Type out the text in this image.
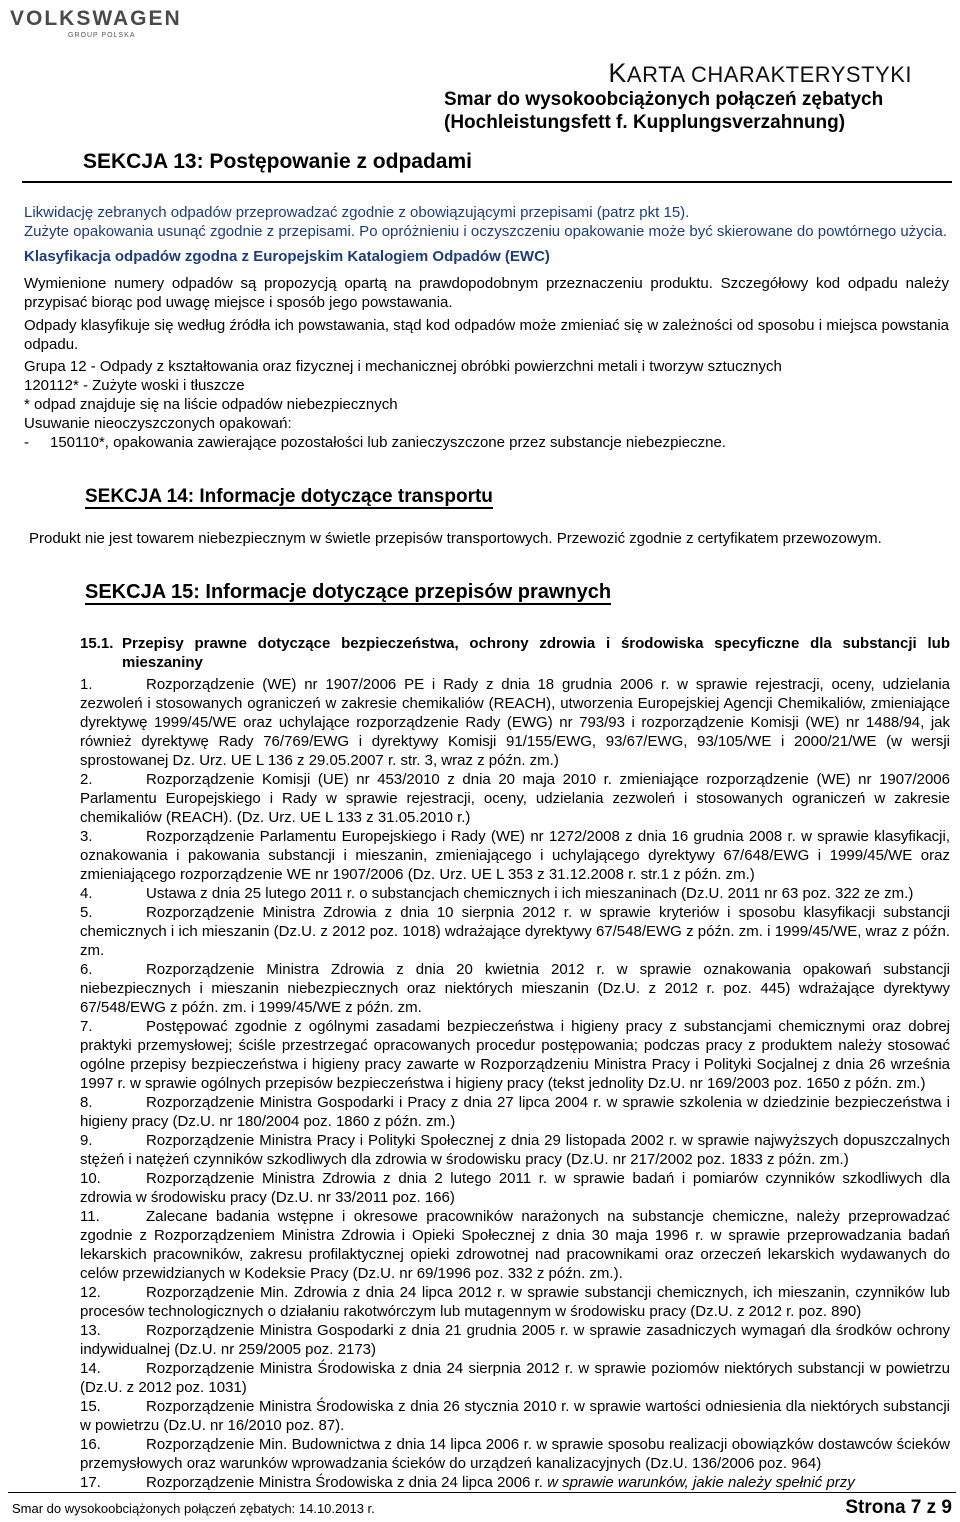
VOLKSWAGEN
GROUP POLSKA
KARTA CHARAKTERYSTYKI
Smar do wysokoobciążonych połączeń zębatych
(Hochleistungsfett f. Kupplungsverzahnung)
SEKCJA 13: Postępowanie z odpadami

Likwidację zebranych odpadów przeprowadzać zgodnie z obowiązującymi przepisami (patrz pkt 15).

Zużyte opakowania usunąć zgodnie z przepisami. Po opróżnieniu i oczyszczeniu opakowanie może być skierowane do powtórnego użycia.

Klasyfikacja odpadów zgodna z Europejskim Katalogiem Odpadów (EWC)

Wymienione numery odpadów są propozycją opartą na prawdopodobnym przeznaczeniu produktu. Szczegółowy kod odpadu należy przypisać biorąc pod uwagę miejsce i sposób jego powstawania.

Odpady klasyfikuje się według źródła ich powstawania, stąd kod odpadów może zmieniać się w zależności od sposobu i miejsca powstania odpadu.

Grupa 12 - Odpady z kształtowania oraz fizycznej i mechanicznej obróbki powierzchni metali i tworzyw sztucznych

120112* - Zużyte woski i tłuszcze

* odpad znajduje się na liście odpadów niebezpiecznych

Usuwanie nieoczyszczonych opakowań:

-	150110*, opakowania zawierające pozostałości lub zanieczyszczone przez substancje niebezpieczne.
SEKCJA 14: Informacje dotyczące transportu
Produkt nie jest towarem niebezpiecznym w świetle przepisów transportowych. Przewozić zgodnie z certyfikatem przewozowym.
SEKCJA 15: Informacje dotyczące przepisów prawnych
15.1. Przepisy prawne dotyczące bezpieczeństwa, ochrony zdrowia i środowiska specyficzne dla substancji lub mieszaniny

1.	Rozporządzenie (WE) nr 1907/2006 PE i Rady z dnia 18 grudnia 2006 r. w sprawie rejestracji, oceny, udzielania zezwoleń i stosowanych ograniczeń w zakresie chemikaliów (REACH), utworzenia Europejskiej Agencji Chemikaliów, zmieniające dyrektywę 1999/45/WE oraz uchylające rozporządzenie Rady (EWG) nr 793/93 i rozporządzenie Komisji (WE) nr 1488/94, jak również dyrektywę Rady 76/769/EWG i dyrektywy Komisji 91/155/EWG, 93/67/EWG, 93/105/WE i 2000/21/WE (w wersji sprostowanej Dz. Urz. UE L 136 z 29.05.2007 r. str. 3, wraz z późn. zm.)

2.	Rozporządzenie Komisji (UE) nr 453/2010 z dnia 20 maja 2010 r. zmieniające rozporządzenie (WE) nr 1907/2006 Parlamentu Europejskiego i Rady w sprawie rejestracji, oceny, udzielania zezwoleń i stosowanych ograniczeń w zakresie chemikaliów (REACH). (Dz. Urz. UE L 133 z 31.05.2010 r.)

3.	Rozporządzenie Parlamentu Europejskiego i Rady (WE) nr 1272/2008 z dnia 16 grudnia 2008 r. w sprawie klasyfikacji, oznakowania i pakowania substancji i mieszanin, zmieniającego i uchylającego dyrektywy 67/648/EWG i 1999/45/WE oraz zmieniającego rozporządzenie WE nr 1907/2006 (Dz. Urz. UE L 353 z 31.12.2008 r. str.1 z późn. zm.)

4.	Ustawa z dnia 25 lutego 2011 r. o substancjach chemicznych i ich mieszaninach (Dz.U. 2011 nr 63 poz. 322 ze zm.)

5.	Rozporządzenie Ministra Zdrowia z dnia 10 sierpnia 2012 r. w sprawie kryteriów i sposobu klasyfikacji substancji chemicznych i ich mieszanin (Dz.U. z 2012 poz. 1018) wdrażające dyrektywy 67/548/EWG z późn. zm. i 1999/45/WE, wraz z późn. zm.

6.	Rozporządzenie Ministra Zdrowia z dnia 20 kwietnia 2012 r. w sprawie oznakowania opakowań substancji niebezpiecznych i mieszanin niebezpiecznych oraz niektórych mieszanin (Dz.U. z 2012 r. poz. 445) wdrażające dyrektywy 67/548/EWG z późn. zm. i 1999/45/WE z późn. zm.

7.	Postępować zgodnie z ogólnymi zasadami bezpieczeństwa i higieny pracy z substancjami chemicznymi oraz dobrej praktyki przemysłowej; ściśle przestrzegać opracowanych procedur postępowania; podczas pracy z produktem należy stosować ogólne przepisy bezpieczeństwa i higieny pracy zawarte w Rozporządzeniu Ministra Pracy i Polityki Socjalnej z dnia 26 września 1997 r. w sprawie ogólnych przepisów bezpieczeństwa i higieny pracy (tekst jednolity Dz.U. nr 169/2003 poz. 1650 z późn. zm.)

8.	Rozporządzenie Ministra Gospodarki i Pracy z dnia 27 lipca 2004 r. w sprawie szkolenia w dziedzinie bezpieczeństwa i higieny pracy (Dz.U. nr 180/2004 poz. 1860 z późn. zm.)

9.	Rozporządzenie Ministra Pracy i Polityki Społecznej z dnia 29 listopada 2002 r. w sprawie najwyższych dopuszczalnych stężeń i natężeń czynników szkodliwych dla zdrowia w środowisku pracy (Dz.U. nr 217/2002 poz. 1833 z późn. zm.)

10.	Rozporządzenie Ministra Zdrowia z dnia 2 lutego 2011 r. w sprawie badań i pomiarów czynników szkodliwych dla zdrowia w środowisku pracy (Dz.U. nr 33/2011 poz. 166)

11.	Zalecane badania wstępne i okresowe pracowników narażonych na substancje chemiczne, należy przeprowadzać zgodnie z Rozporządzeniem Ministra Zdrowia i Opieki Społecznej z dnia 30 maja 1996 r. w sprawie przeprowadzania badań lekarskich pracowników, zakresu profilaktycznej opieki zdrowotnej nad pracownikami oraz orzeczeń lekarskich wydawanych do celów przewidzianych w Kodeksie Pracy (Dz.U. nr 69/1996 poz. 332 z późn. zm.).

12.	Rozporządzenie Min. Zdrowia z dnia 24 lipca 2012 r. w sprawie substancji chemicznych, ich mieszanin, czynników lub procesów technologicznych o działaniu rakotwórczym lub mutagennym w środowisku pracy (Dz.U. z 2012 r. poz. 890)

13.	Rozporządzenie Ministra Gospodarki z dnia 21 grudnia 2005 r. w sprawie zasadniczych wymagań dla środków ochrony indywidualnej (Dz.U. nr 259/2005 poz. 2173)

14.	Rozporządzenie Ministra Środowiska z dnia 24 sierpnia 2012 r. w sprawie poziomów niektórych substancji w powietrzu (Dz.U. z 2012 poz. 1031)

15.	Rozporządzenie Ministra Środowiska z dnia 26 stycznia 2010 r. w sprawie wartości odniesienia dla niektórych substancji w powietrzu (Dz.U. nr 16/2010 poz. 87).

16.	Rozporządzenie Min. Budownictwa z dnia 14 lipca 2006 r. w sprawie sposobu realizacji obowiązków dostawców ścieków przemysłowych oraz warunków wprowadzania ścieków do urządzeń kanalizacyjnych (Dz.U. 136/2006 poz. 964)

17.	Rozporządzenie Ministra Środowiska z dnia 24 lipca 2006 r. w sprawie warunków, jakie należy spełnić przy

Smar do wysokoobciążonych połączeń zębatych: 14.10.2013 r.	Strona 7 z 9
